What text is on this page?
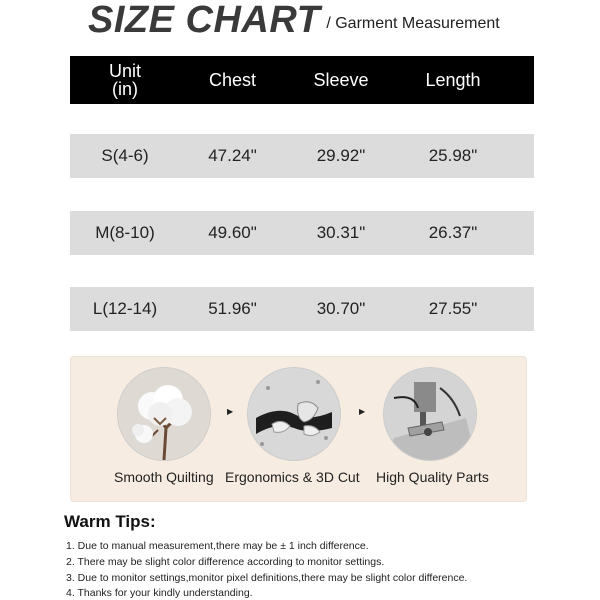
SIZE CHART / Garment Measurement
Unit
(in)	Chest	Sleeve	Length
S(4-6)	47.24"	29.92"	25.98"
M(8-10)	49.60"	30.31"	26.37"
L(12-14)	51.96"	30.70"	27.55"
▶	▶
Smooth Quilting Ergonomics & 3D Cut High Quality Parts
Warm Tips:
1. Due to manual measurement,there may be ± 1 inch difference.
2. There may be slight color difference according to monitor settings.
3. Due to monitor settings,monitor pixel definitions,there may be slight color difference.
4. Thanks for your kindly understanding.
